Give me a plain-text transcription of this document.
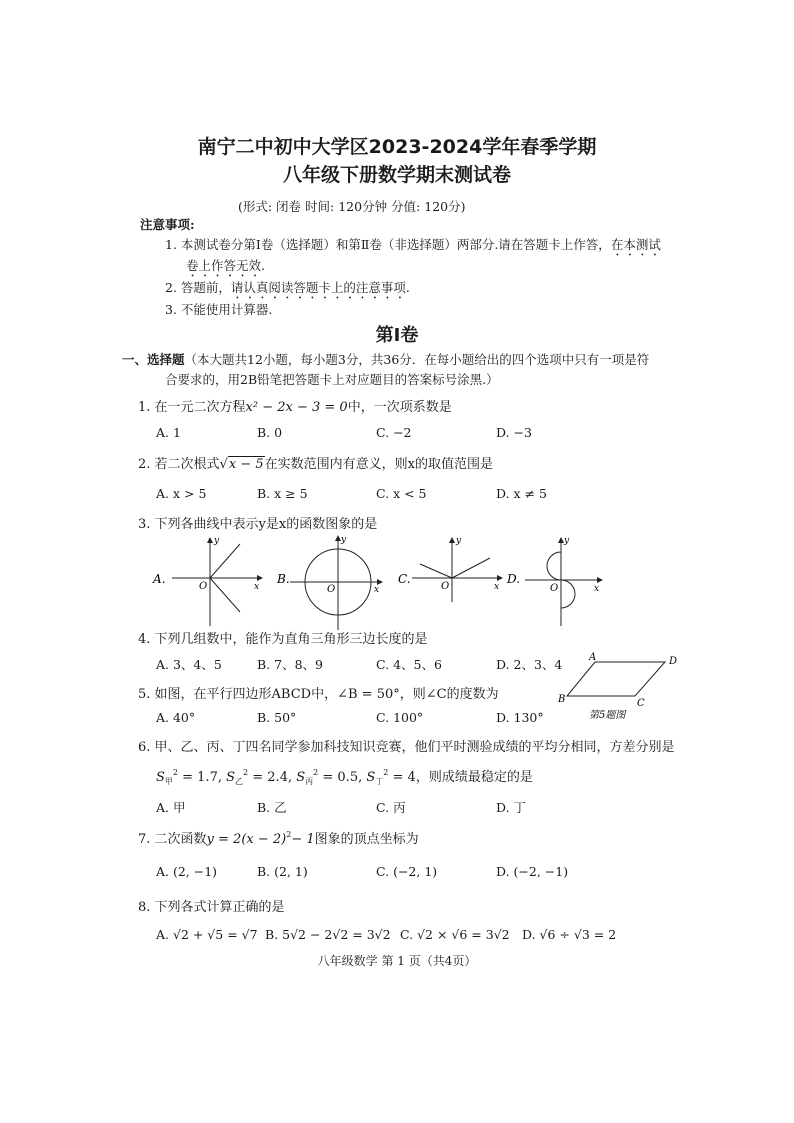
南宁二中初中大学区2023-2024学年春季学期
八年级下册数学期末测试卷
(形式: 闭卷 时间: 120分钟 分值: 120分)
注意事项:
1. 本测试卷分第Ⅰ卷（选择题）和第Ⅱ卷（非选择题）两部分.请在答题卡上作答，在本测试
卷上作答无效.
2. 答题前，请认真阅读答题卡上的注意事项.
3. 不能使用计算器.
第Ⅰ卷
一、选择题（本大题共12小题，每小题3分，共36分．在每小题给出的四个选项中只有一项是符
合要求的，用2B铅笔把答题卡上对应题目的答案标号涂黑.）
1. 在一元二次方程x² − 2x − 3 = 0中，一次项系数是
A. 1	B. 0	C. −2	D. −3
2. 若二次根式√x − 5在实数范围内有意义，则x的取值范围是
A. x > 5	B. x ≥ 5	C. x < 5	D. x ≠ 5
3. 下列各曲线中表示y是x的函数图象的是
A.
y
x
O
B.
y
x
O
C.
y
x
O
D.
y
x
O
4. 下列几组数中，能作为直角三角形三边长度的是
A. 3、4、5	B. 7、8、9	C. 4、5、6	D. 2、3、4	A	D
B	C
第5题图
5. 如图，在平行四边形ABCD中，∠B = 50°，则∠C的度数为
A. 40°	B. 50°	C. 100°	D. 130°
6. 甲、乙、丙、丁四名同学参加科技知识竞赛，他们平时测验成绩的平均分相同，方差分别是
$S_甲^2 = 1.7$, $S_乙^2 = 2.4$, $S_丙^2 = 0.5$, $S_丁^2 = 4$，则成绩最稳定的是
A. 甲	B. 乙	C. 丙	D. 丁
7. 二次函数$y = 2(x - 2)^2- 1$图象的顶点坐标为
A. (2, −1)	B. (2, 1)	C. (−2, 1)	D. (−2, −1)
8. 下列各式计算正确的是
A. √2 + √5 = √7 B. 5√2 − 2√2 = 3√2 C. √2 × √6 = 3√2 D. √6 ÷ √3 = 2
八年级数学 第 1 页（共4页）
